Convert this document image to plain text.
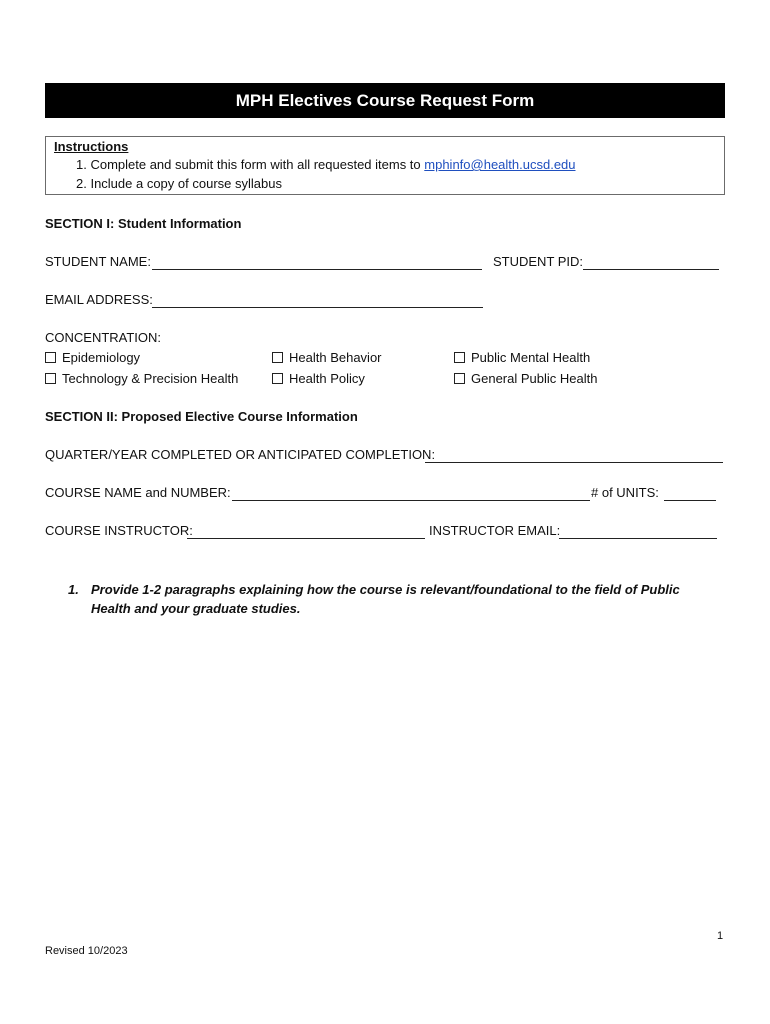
MPH Electives Course Request Form
Instructions
1. Complete and submit this form with all requested items to mphinfo@health.ucsd.edu
2. Include a copy of course syllabus
SECTION I: Student Information
STUDENT NAME:	STUDENT PID:
EMAIL ADDRESS:
CONCENTRATION:
Epidemiology	Health Behavior	Public Mental Health
Technology & Precision Health	Health Policy	General Public Health
SECTION II: Proposed Elective Course Information
QUARTER/YEAR COMPLETED OR ANTICIPATED COMPLETION:
COURSE NAME and NUMBER:	# of UNITS:
COURSE INSTRUCTOR:	INSTRUCTOR EMAIL:
1. Provide 1-2 paragraphs explaining how the course is relevant/foundational to the field of Public Health and your graduate studies.
1
Revised 10/2023
